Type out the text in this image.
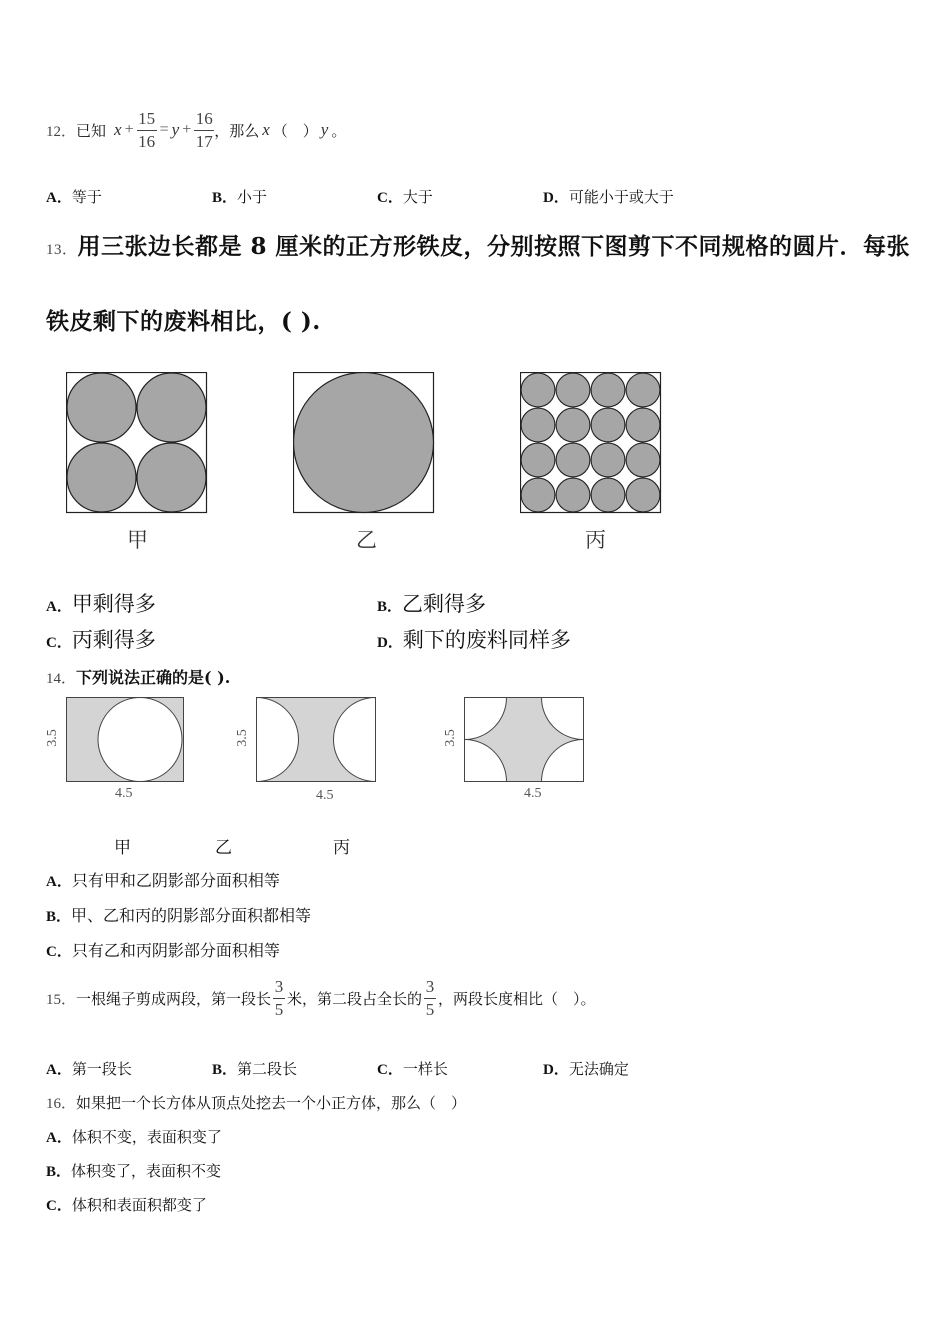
12． 已知 $x + \frac{15}{16} = y + \frac{16}{17}$ ，那么 x （　） y 。
A．等于	B．小于	C．大于	D．可能小于或大于
13．用三张边长都是 8 厘米的正方形铁皮，分别按照下图剪下不同规格的圆片．每张
铁皮剩下的废料相比，( ).
甲	乙	丙
A．甲剩得多	B．乙剩得多
C．丙剩得多	D．剩下的废料同样多
14．下列说法正确的是( ).
3.5
4.5
3.5
4.5
3.5
4.5
甲	乙	丙
A．只有甲和乙阴影部分面积相等
B．甲、乙和丙的阴影部分面积都相等
C．只有乙和丙阴影部分面积相等
15． 一根绳子剪成两段，第一段长 $\frac{3}{5}$ 米，第二段占全长的 $\frac{3}{5}$ ，两段长度相比（　）。
A．第一段长	B．第二段长	C．一样长	D．无法确定
16．如果把一个长方体从顶点处挖去一个小正方体，那么（　）
A．体积不变，表面积变了
B．体积变了，表面积不变
C．体积和表面积都变了
